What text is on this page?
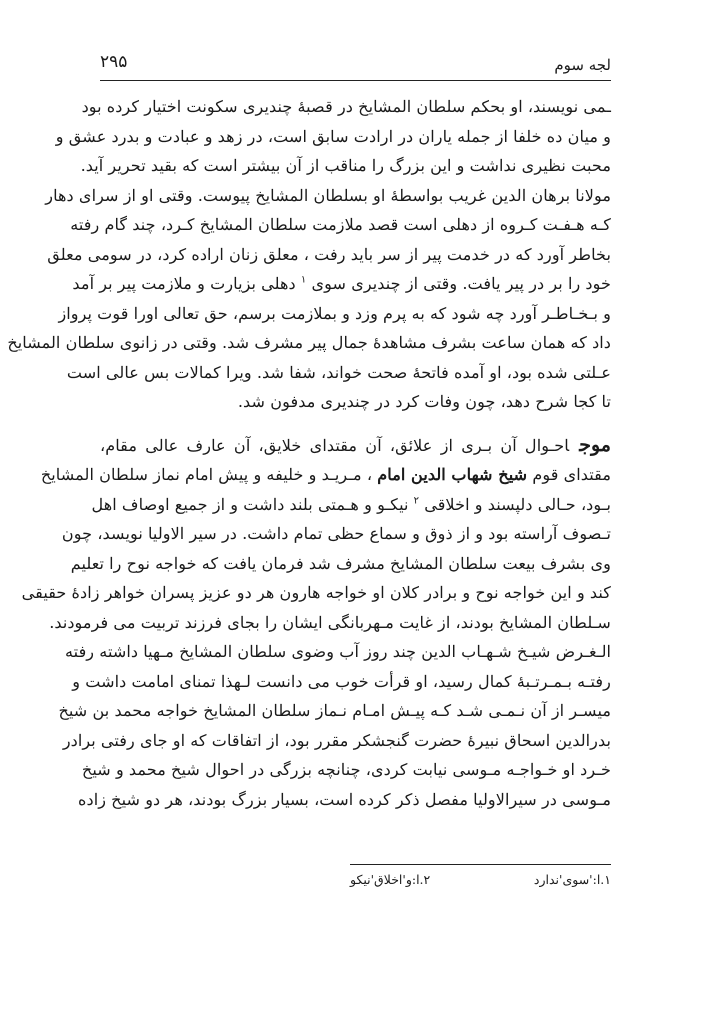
لجه سوم
۲۹۵
ـمی نویسند، او بحکم سلطان المشایخ در قصبهٔ چندیری سکونت اختیار کرده بود
و میان ده خلفا از جمله یاران در ارادت سابق است، در زهد و عبادت و بدرد عشق و
محبت نظیری نداشت و این بزرگ را مناقب از آن بیشتر است که بقید تحریر آید.
مولانا برهان الدین غریب بواسطهٔ او بسلطان المشایخ پیوست. وقتی او از سرای دهار
کـه هـفـت کـروه از دهلی است قصد ملازمت سلطان المشایخ کـرد، چند گام رفته
بخاطر آورد که در خدمت پیر از سر باید رفت ، معلق زنان اراده کرد، در سومی معلق
خود را بر در پیر یافت. وقتی از چندیری سوی $^۱$ دهلی بزیارت و ملازمت پیر بر آمد
و بـخـاطـر آورد چه شود که به پرم وزد و بملازمت برسم، حق تعالی اورا قوت پرواز
داد که همان ساعت بشرف مشاهدهٔ جمال پیر مشرف شد. وقتی در زانوی سلطان المشایخ
عـلتی شده بود، او آمده فاتحهٔ صحت خواند، شفا شد. ویرا کمالات بس عالی است
تا کجا شرح دهد، چون وفات کرد در چندیری مدفون شد.
موجاحـوال آن بـری از علائق، آن مقتدای خلایق، آن عارف عالی مقام،
مقتدای قوم شیخ شهاب الدین امام ، مـریـد و خلیفه و پیش امام نماز سلطان المشایخ
بـود، حـالی دلپسند و اخلاقی $^۲$ نیکـو و هـمتی بلند داشت و از جمیع اوصاف اهل
تـصوف آراسته بود و از ذوق و سماع حظی تمام داشت. در سیر الاولیا نویسد، چون
وی بشرف بیعت سلطان المشایخ مشرف شد فرمان یافت که خواجه نوح را تعلیم
کند و این خواجه نوح و برادر کلان او خواجه هارون هر دو عزیز پسران خواهر زادهٔ حقیقی
سـلطان المشایخ بودند، از غایت مـهربانگی ایشان را بجای فرزند تربیت می فرمودند.
الـغـرض شیـخ شـهـاب الدین چند روز آب وضوی سلطان المشایخ مـهیا داشته رفته
رفتـه بـمـرتـبهٔ کمال رسید، او قرأت خوب می دانست لـهذا تمنای امامت داشت و
میسـر از آن نـمـی شـد کـه پیـش امـام نـماز سلطان المشایخ خواجه محمد بن شیخ
بدرالدین اسحاق نبیرهٔ حضرت گنجشکر مقرر بود، از اتفاقات که او جای رفتی برادر
خـرد او خـواجـه مـوسی نیابت کردی، چنانچه بزرگی در احوال شیخ محمد و شیخ
مـوسی در سیرالاولیا مفصل ذکر کرده است، بسیار بزرگ بودند، هر دو شیخ زاده
۱.ا:'سوی'ندارد
۲.ا:و'اخلاق'نیکو
